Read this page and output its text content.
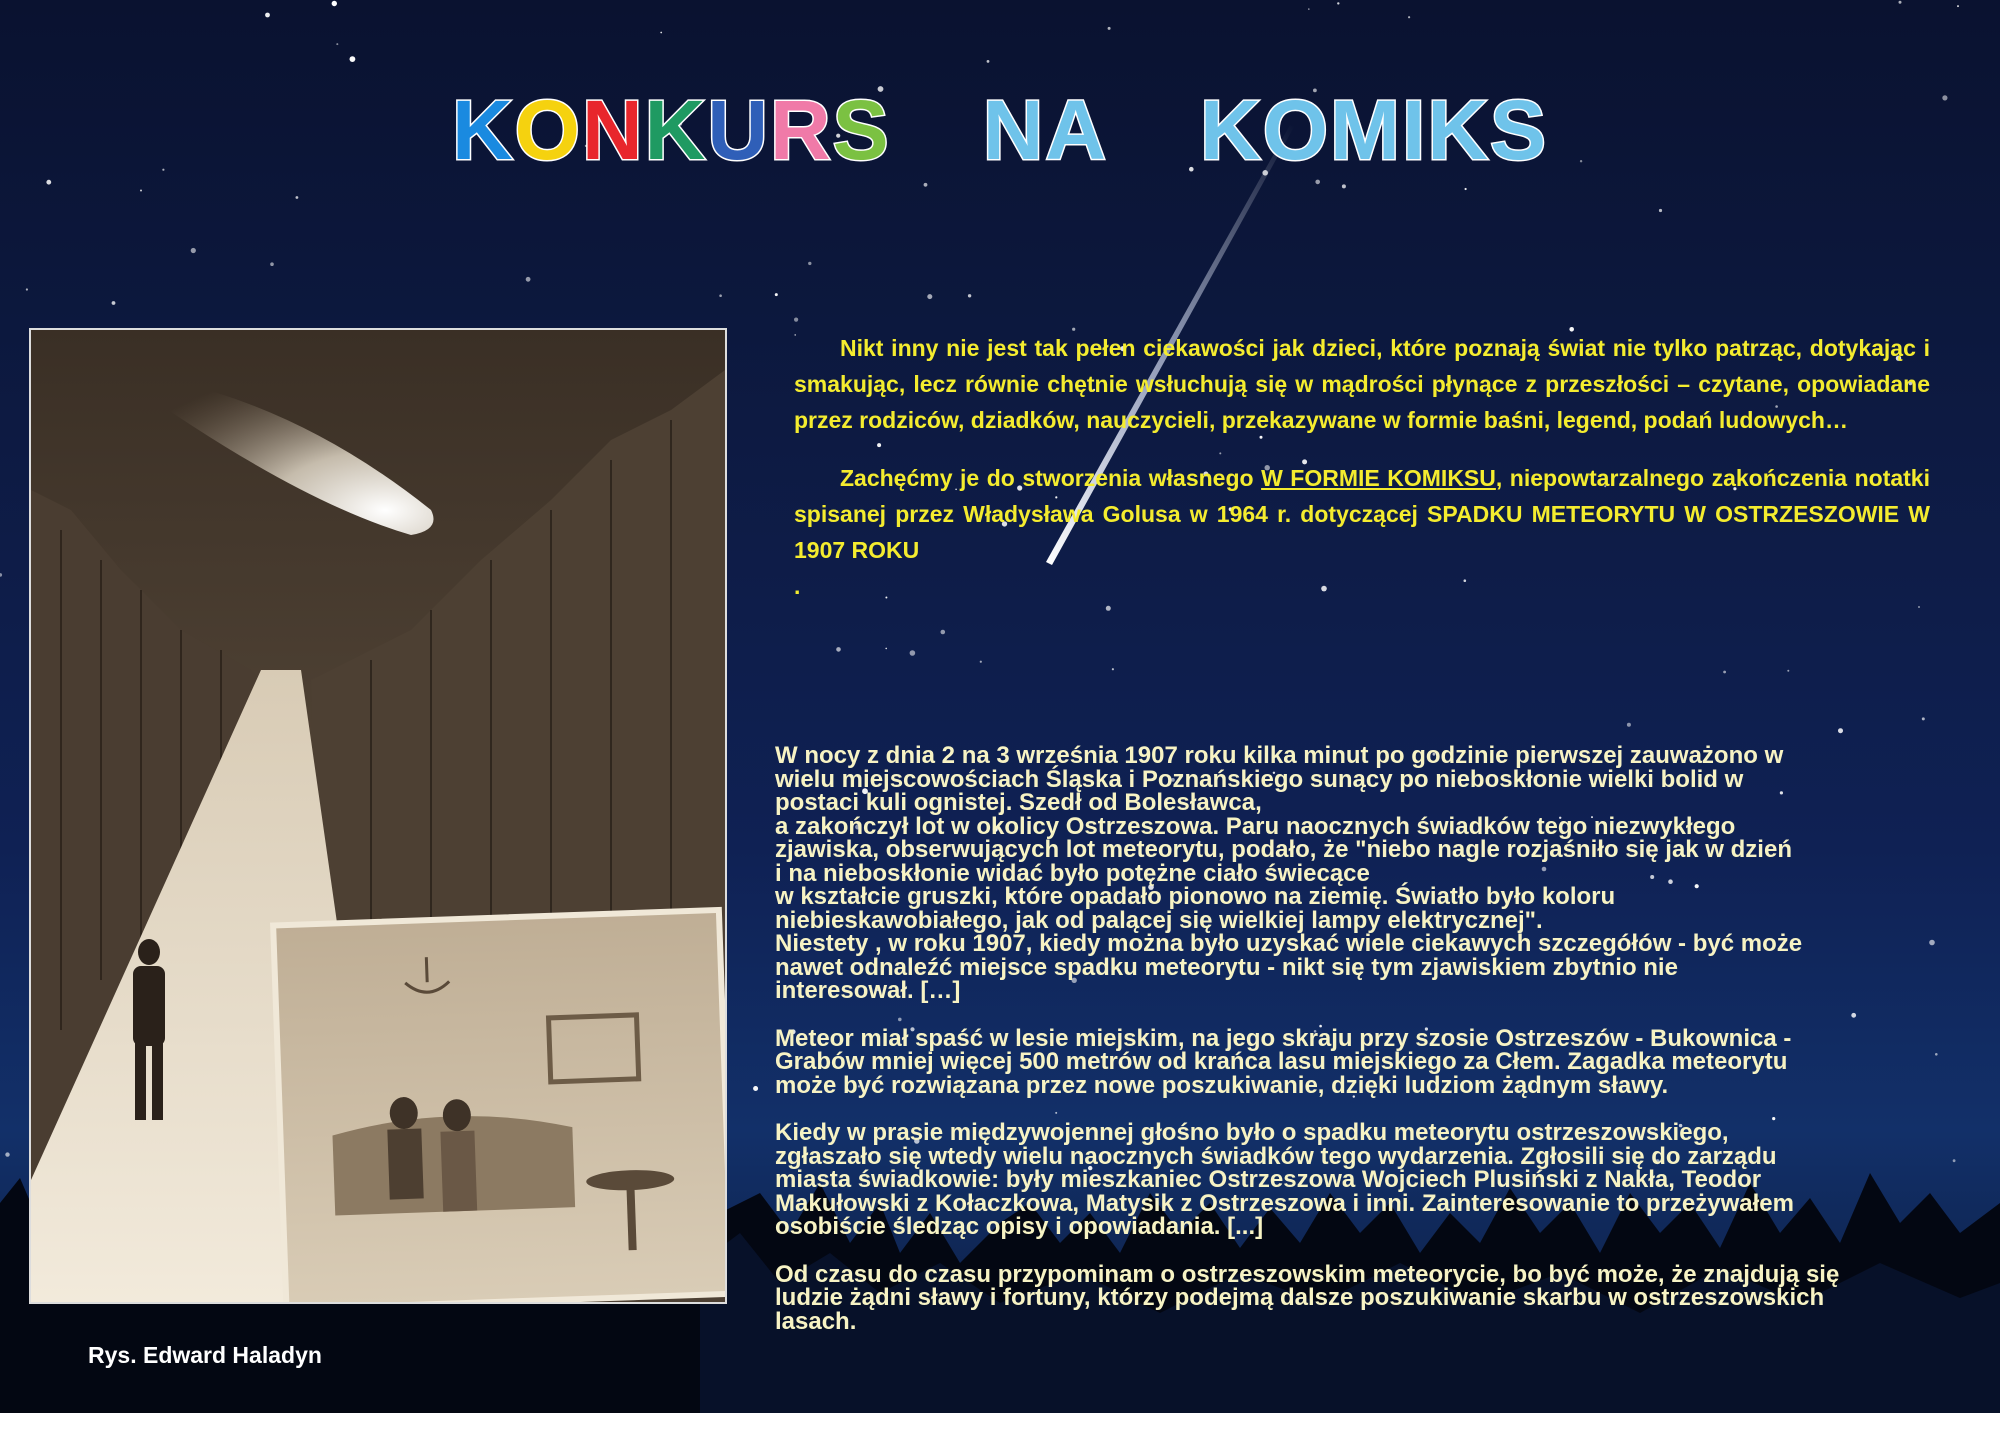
KONKURS NA KOMIKS

Nikt inny nie jest tak pełen ciekawości jak dzieci, które poznają świat nie tylko patrząc, dotykając i smakując, lecz równie chętnie wsłuchują się w mądrości płynące z przeszłości – czytane, opowiadane przez rodziców, dziadków, nauczycieli, przekazywane w formie baśni, legend, podań ludowych…

Zachęćmy je do stworzenia własnego W FORMIE KOMIKSU, niepowtarzalnego zakończenia notatki spisanej przez Władysława Golusa w 1964 r. dotyczącej SPADKU METEORYTU W OSTRZESZOWIE W 1907 ROKU

.

W nocy z dnia 2 na 3 września 1907 roku kilka minut po godzinie pierwszej zauważono w
wielu miejscowościach Śląska i Poznańskiego sunący po nieboskłonie wielki bolid w
postaci kuli ognistej. Szedł od Bolesławca,
a zakończył lot w okolicy Ostrzeszowa. Paru naocznych świadków tego niezwykłego
zjawiska, obserwujących lot meteorytu, podało, że "niebo nagle rozjaśniło się jak w dzień
i na nieboskłonie widać było potężne ciało świecące
w kształcie gruszki, które opadało pionowo na ziemię. Światło było koloru
niebieskawobiałego, jak od palącej się wielkiej lampy elektrycznej".
Niestety , w roku 1907, kiedy można było uzyskać wiele ciekawych szczegółów - być może
nawet odnaleźć miejsce spadku meteorytu - nikt się tym zjawiskiem zbytnio nie
interesował. […]

Meteor miał spaść w lesie miejskim, na jego skraju przy szosie Ostrzeszów - Bukownica -
Grabów mniej więcej 500 metrów od krańca lasu miejskiego za Cłem. Zagadka meteorytu
może być rozwiązana przez nowe poszukiwanie, dzięki ludziom żądnym sławy.

Kiedy w prasie międzywojennej głośno było o spadku meteorytu ostrzeszowskiego,
zgłaszało się wtedy wielu naocznych świadków tego wydarzenia. Zgłosili się do zarządu
miasta świadkowie: były mieszkaniec Ostrzeszowa Wojciech Plusiński z Nakła, Teodor
Makułowski z Kołaczkowa, Matysik z Ostrzeszowa i inni. Zainteresowanie to przeżywałem
osobiście śledząc opisy i opowiadania. [...]

Od czasu do czasu przypominam o ostrzeszowskim meteorycie, bo być może, że znajdują się
ludzie żądni sławy i fortuny, którzy podejmą dalsze poszukiwanie skarbu w ostrzeszowskich
lasach.

Rys. Edward Haladyn
